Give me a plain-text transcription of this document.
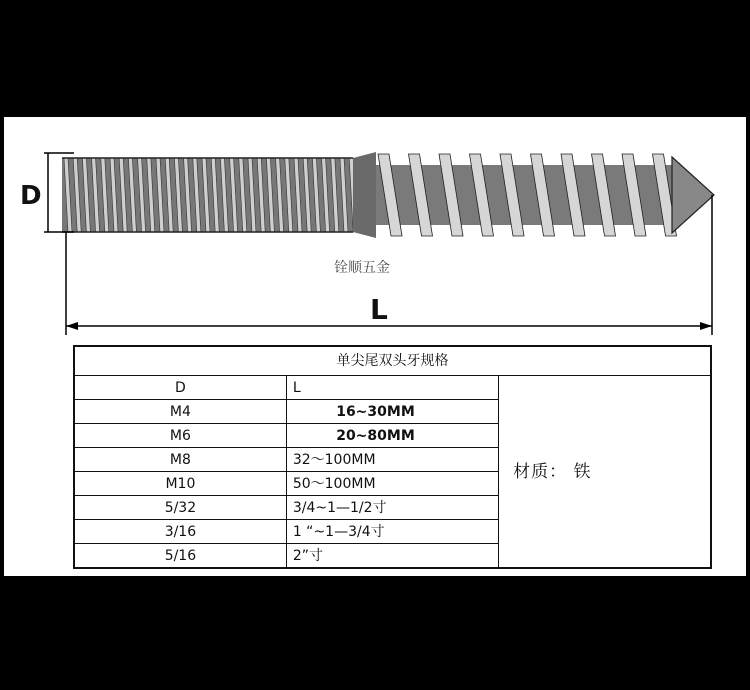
D
L
铨顺五金
单尖尾双头牙规格		
D	L	材质： 铁
M4	16~30MM	
M6	20~80MM	
M8	32～100MM	
M10	50～100MM	
5/32	3/4~1—1/2寸	
3/16	1 “~1—3/4寸	
5/16	2”寸	
